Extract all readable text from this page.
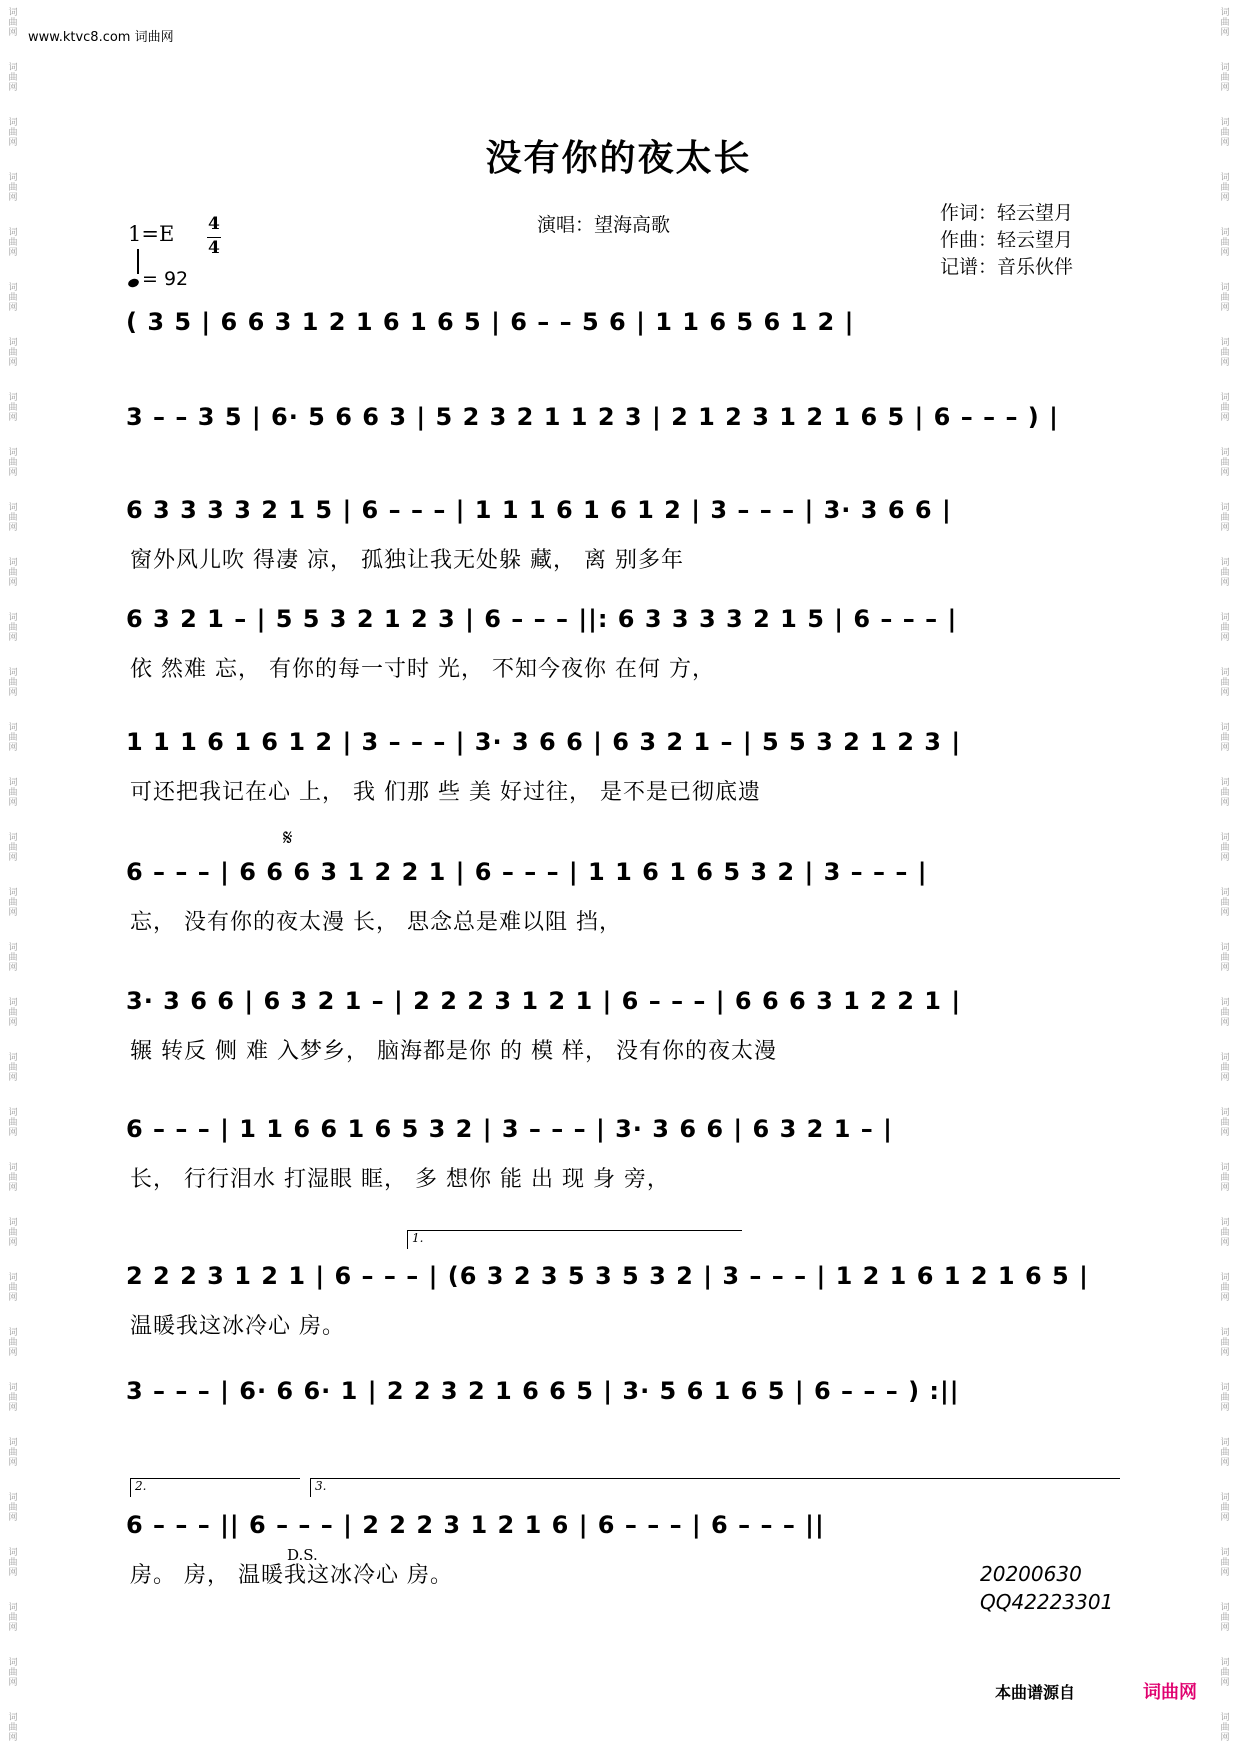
词曲网
词曲网
词曲网
词曲网
词曲网
词曲网
词曲网
词曲网
词曲网
词曲网
词曲网
词曲网
词曲网
词曲网
词曲网
词曲网
词曲网
词曲网
词曲网
词曲网
词曲网
词曲网
词曲网
词曲网
词曲网
词曲网
词曲网
词曲网
词曲网
词曲网
词曲网
词曲网
词曲网
词曲网
词曲网
词曲网
词曲网
词曲网
词曲网
词曲网
词曲网
词曲网
词曲网
词曲网
词曲网
词曲网
词曲网
词曲网
词曲网
词曲网
词曲网
词曲网
词曲网
词曲网
词曲网
词曲网
词曲网
词曲网
词曲网
词曲网
词曲网
词曲网
词曲网
词曲网
www.ktvc8.com 词曲网
没有你的夜太长
1=E 4
4
= 92
演唱：望海高歌
作词：轻云望月
作曲：轻云望月
记谱：音乐伙伴
( 3 5 | 6 6 3 1 2 1 6 1 6 5 | 6 – – 5 6 | 1 1 6 5 6 1 2 |
3 – – 3 5 | 6· 5 6 6 3 | 5 2 3 2 1 1 2 3 | 2 1 2 3 1 2 1 6 5 | 6 – – – ) |
6 3 3 3 3 2 1 5 | 6 – – – | 1 1 1 6 1 6 1 2 | 3 – – – | 3· 3 6 6 |
窗外风儿吹 得凄 凉， 孤独让我无处躲 藏， 离 别多年
6 3 2 1 – | 5 5 3 2 1 2 3 | 6 – – – ||: 6 3 3 3 3 2 1 5 | 6 – – – |
依 然难 忘， 有你的每一寸时 光， 不知今夜你 在何 方，
1 1 1 6 1 6 1 2 | 3 – – – | 3· 3 6 6 | 6 3 2 1 – | 5 5 3 2 1 2 3 |
可还把我记在心 上， 我 们那 些 美 好过往， 是不是已彻底遗
6 – – – | 6 6 6 3 1 2 2 1 | 6 – – – | 1 1 6 1 6 5 3 2 | 3 – – – |
忘， 没有你的夜太漫 长， 思念总是难以阻 挡，
𝄋
3· 3 6 6 | 6 3 2 1 – | 2 2 2 3 1 2 1 | 6 – – – | 6 6 6 3 1 2 2 1 |
辗 转反 侧 难 入梦乡， 脑海都是你 的 模 样， 没有你的夜太漫
6 – – – | 1 1 6 6 1 6 5 3 2 | 3 – – – | 3· 3 6 6 | 6 3 2 1 – |
长， 行行泪水 打湿眼 眶， 多 想你 能 出 现 身 旁，
1.
2 2 2 3 1 2 1 | 6 – – – | (6 3 2 3 5 3 5 3 2 | 3 – – – | 1 2 1 6 1 2 1 6 5 |
温暖我这冰冷心 房。
3 – – – | 6· 6 6· 1 | 2 2 3 2 1 6 6 5 | 3· 5 6 1 6 5 | 6 – – – ) :||
2.	3.
6 – – – || 6 – – – | 2 2 2 3 1 2 1 6 | 6 – – – | 6 – – – ||
房。 房， 温暖我这冰冷心 房。
D.S.
20200630
QQ42223301
本曲谱源自	词曲网
